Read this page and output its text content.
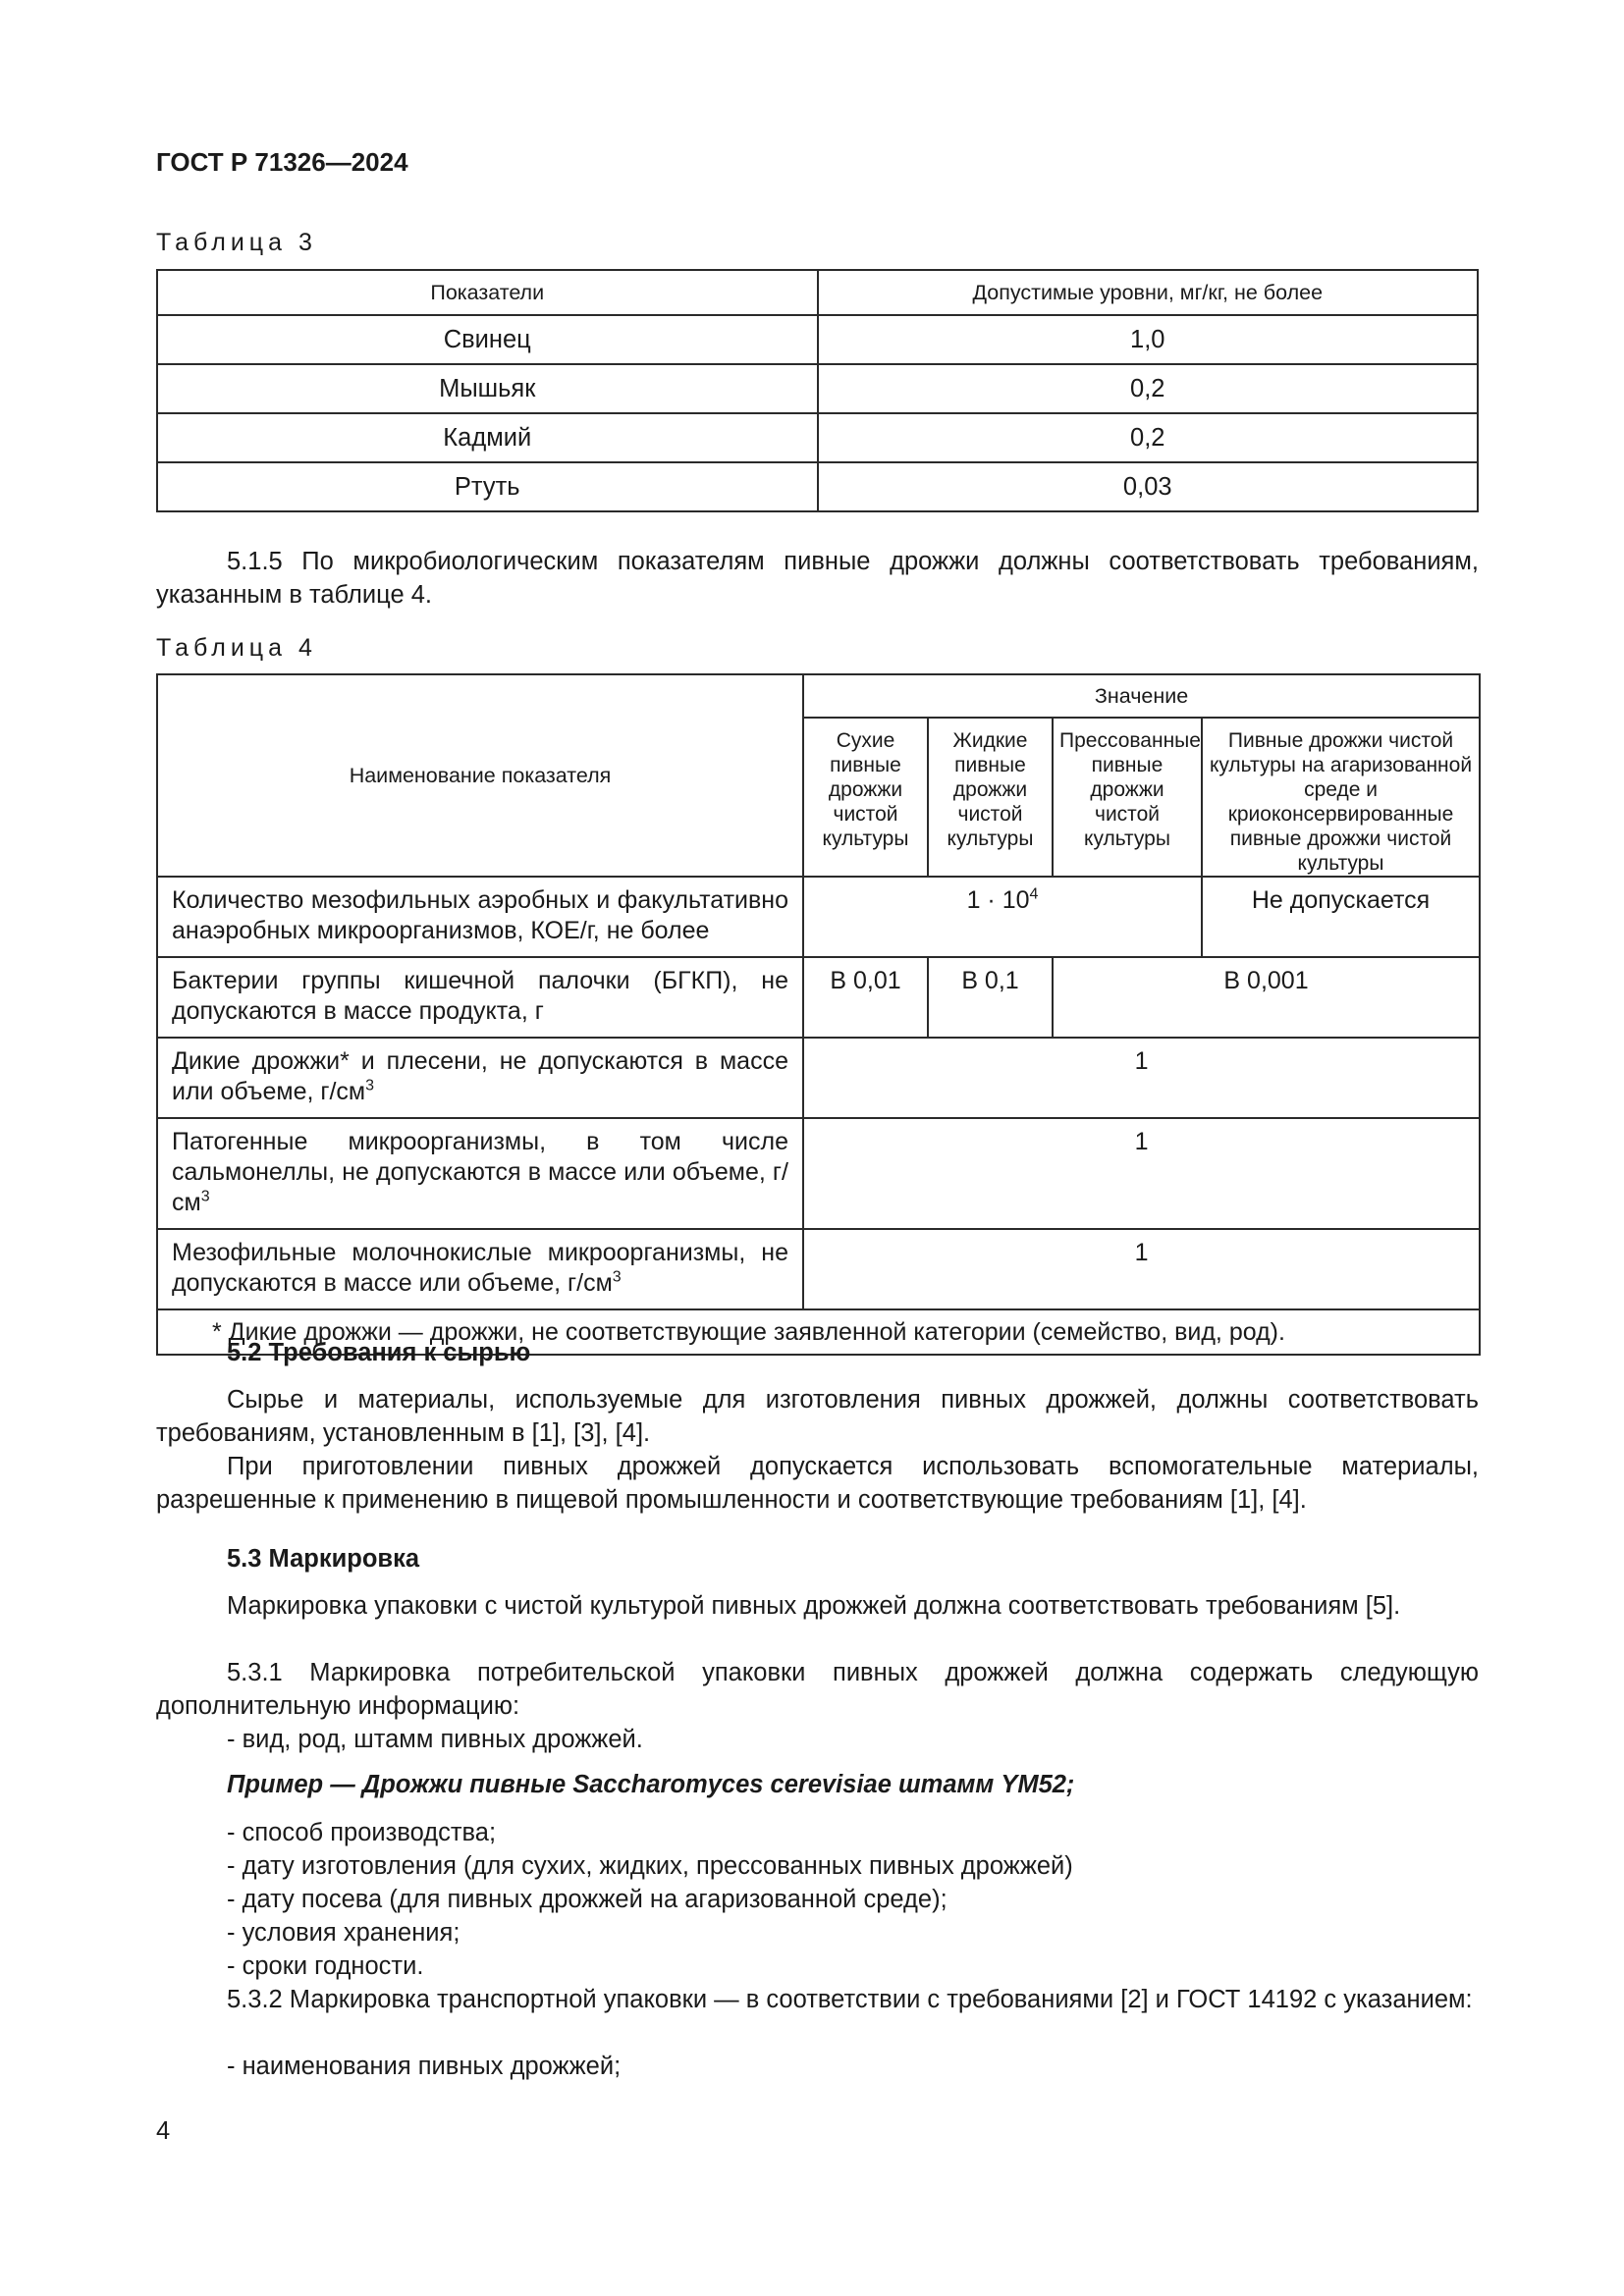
ГОСТ Р 71326—2024
Таблица 3
Показатели	Допустимые уровни, мг/кг, не более
Свинец	1,0
Мышьяк	0,2
Кадмий	0,2
Ртуть	0,03

5.1.5 По микробиологическим показателям пивные дрожжи должны соответствовать требованиям, указанным в таблице 4.

Таблица 4
Наименование показателя	Значение			
	Сухие пивные дрожжи чистой культуры	Жидкие пивные дрожжи чистой культуры	Прессованные пивные дрожжи чистой культуры	Пивные дрожжи чистой культуры на агаризованной среде и криоконсервированные пивные дрожжи чистой культуры
Количество мезофильных аэробных и факультативно анаэробных микроорганизмов, КОЕ/г, не более	$1 \cdot 10^4$			Не допускается
Бактерии группы кишечной палочки (БГКП), не допускаются в массе продукта, г	В 0,01	В 0,1	В 0,001	
Дикие дрожжи* и плесени, не допускаются в массе или объеме, $г/см^3$	1			
Патогенные микроорганизмы, в том числе сальмонеллы, не допускаются в массе или объеме, $г/см^3$	1			
Мезофильные молочнокислые микроорганизмы, не допускаются в массе или объеме, $г/см^3$	1			
* Дикие дрожжи — дрожжи, не соответствующие заявленной категории (семейство, вид, род).				

5.2 Требования к сырью

Сырье и материалы, используемые для изготовления пивных дрожжей, должны соответствовать требованиям, установленным в [1], [3], [4].

При приготовлении пивных дрожжей допускается использовать вспомогательные материалы, разрешенные к применению в пищевой промышленности и соответствующие требованиям [1], [4].

5.3 Маркировка

Маркировка упаковки с чистой культурой пивных дрожжей должна соответствовать требованиям [5].

5.3.1 Маркировка потребительской упаковки пивных дрожжей должна содержать следующую дополнительную информацию:

- вид, род, штамм пивных дрожжей.

Пример — Дрожжи пивные Saccharomyces cerevisiae штамм YM52;

- способ производства;

- дату изготовления (для сухих, жидких, прессованных пивных дрожжей)

- дату посева (для пивных дрожжей на агаризованной среде);

- условия хранения;

- сроки годности.

5.3.2 Маркировка транспортной упаковки — в соответствии с требованиями [2] и ГОСТ 14192 с указанием:

- наименования пивных дрожжей;

4
